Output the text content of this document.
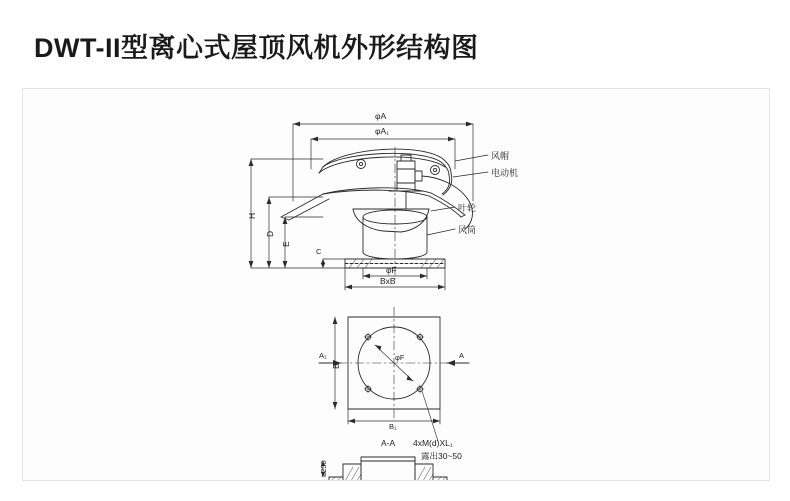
DWT-II型离心式屋顶风机外形结构图
φA
φA₁
风帽
电动机
叶轮
风筒
H
D
E
C
φF
BxB
A₁
B
A
φF
B₁
A-A 4xM(d)XL₁
露出30~50
≥250
